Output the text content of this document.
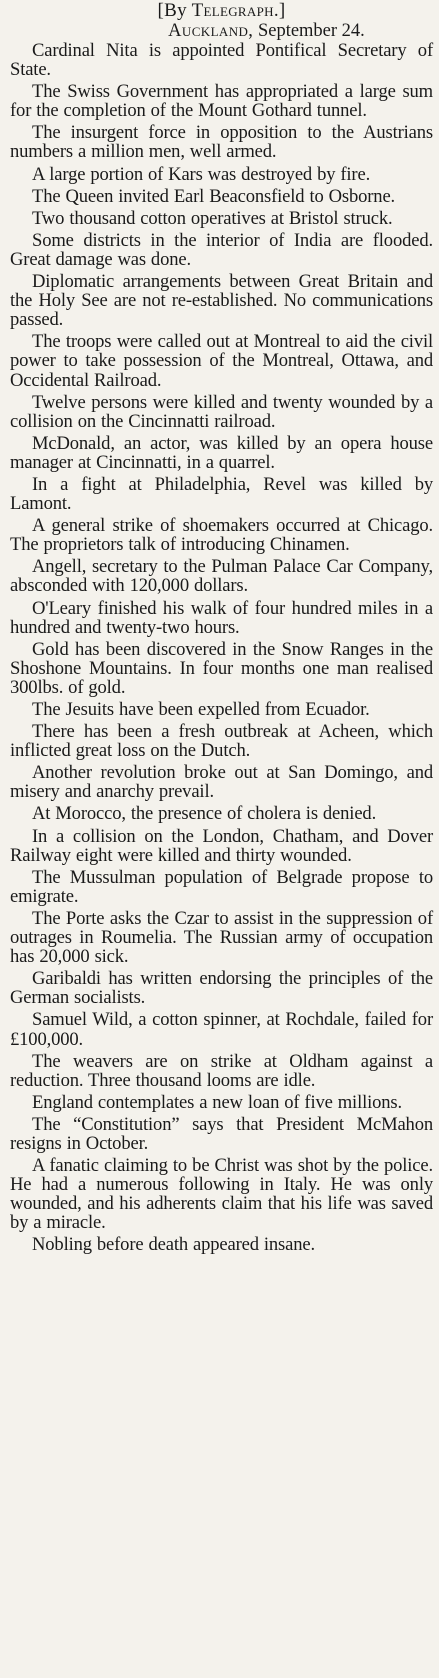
[By Telegraph.]
Auckland, September 24.

Cardinal Nita is appointed Pontifical Secretary of State.

The Swiss Government has appropriated a large sum for the completion of the Mount Gothard tunnel.

The insurgent force in opposition to the Austrians numbers a million men, well armed.

A large portion of Kars was destroyed by fire.

The Queen invited Earl Beaconsfield to Osborne.

Two thousand cotton operatives at Bristol struck.

Some districts in the interior of India are flooded. Great damage was done.

Diplomatic arrangements between Great Britain and the Holy See are not re-established. No communications passed.

The troops were called out at Montreal to aid the civil power to take possession of the Montreal, Ottawa, and Occidental Railroad.

Twelve persons were killed and twenty wounded by a collision on the Cincinnatti railroad.

McDonald, an actor, was killed by an opera house manager at Cincinnatti, in a quarrel.

In a fight at Philadelphia, Revel was killed by Lamont.

A general strike of shoemakers occurred at Chicago. The proprietors talk of introducing Chinamen.

Angell, secretary to the Pulman Palace Car Company, absconded with 120,000 dollars.

O'Leary finished his walk of four hundred miles in a hundred and twenty-two hours.

Gold has been discovered in the Snow Ranges in the Shoshone Mountains. In four months one man realised 300lbs. of gold.

The Jesuits have been expelled from Ecuador.

There has been a fresh outbreak at Acheen, which inflicted great loss on the Dutch.

Another revolution broke out at San Domingo, and misery and anarchy prevail.

At Morocco, the presence of cholera is denied.

In a collision on the London, Chatham, and Dover Railway eight were killed and thirty wounded.

The Mussulman population of Belgrade propose to emigrate.

The Porte asks the Czar to assist in the suppression of outrages in Roumelia. The Russian army of occupation has 20,000 sick.

Garibaldi has written endorsing the principles of the German socialists.

Samuel Wild, a cotton spinner, at Rochdale, failed for £100,000.

The weavers are on strike at Oldham against a reduction. Three thousand looms are idle.

England contemplates a new loan of five millions.

The “Constitution” says that President McMahon resigns in October.

A fanatic claiming to be Christ was shot by the police. He had a numerous following in Italy. He was only wounded, and his adherents claim that his life was saved by a miracle.

Nobling before death appeared insane.
